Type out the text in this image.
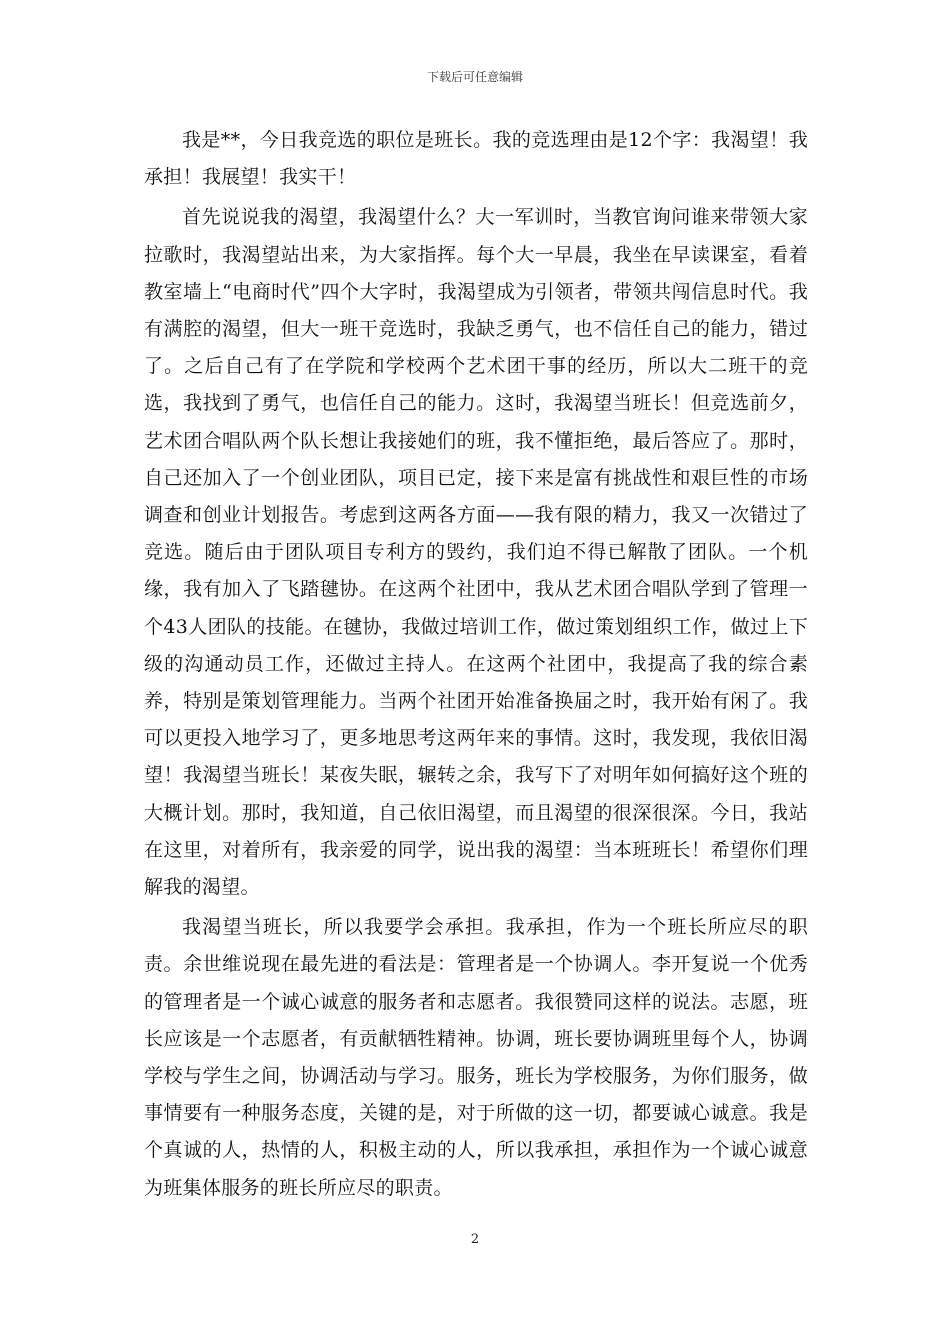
下载后可任意编辑

我是**，今日我竞选的职位是班长。我的竞选理由是12个字：我渴望！我承担！我展望！我实干！

首先说说我的渴望，我渴望什么？大一军训时，当教官询问谁来带领大家拉歌时，我渴望站出来，为大家指挥。每个大一早晨，我坐在早读课室，看着教室墙上“电商时代”四个大字时，我渴望成为引领者，带领共闯信息时代。我有满腔的渴望，但大一班干竞选时，我缺乏勇气，也不信任自己的能力，错过了。之后自己有了在学院和学校两个艺术团干事的经历，所以大二班干的竞选，我找到了勇气，也信任自己的能力。这时，我渴望当班长！但竞选前夕，艺术团合唱队两个队长想让我接她们的班，我不懂拒绝，最后答应了。那时，自己还加入了一个创业团队，项目已定，接下来是富有挑战性和艰巨性的市场调查和创业计划报告。考虑到这两各方面——我有限的精力，我又一次错过了竞选。随后由于团队项目专利方的毁约，我们迫不得已解散了团队。一个机缘，我有加入了飞踏毽协。在这两个社团中，我从艺术团合唱队学到了管理一个43人团队的技能。在毽协，我做过培训工作，做过策划组织工作，做过上下级的沟通动员工作，还做过主持人。在这两个社团中，我提高了我的综合素养，特别是策划管理能力。当两个社团开始准备换届之时，我开始有闲了。我可以更投入地学习了，更多地思考这两年来的事情。这时，我发现，我依旧渴望！我渴望当班长！某夜失眠，辗转之余，我写下了对明年如何搞好这个班的大概计划。那时，我知道，自己依旧渴望，而且渴望的很深很深。今日，我站在这里，对着所有，我亲爱的同学，说出我的渴望：当本班班长！希望你们理解我的渴望。

我渴望当班长，所以我要学会承担。我承担，作为一个班长所应尽的职责。余世维说现在最先进的看法是：管理者是一个协调人。李开复说一个优秀的管理者是一个诚心诚意的服务者和志愿者。我很赞同这样的说法。志愿，班长应该是一个志愿者，有贡献牺牲精神。协调，班长要协调班里每个人，协调学校与学生之间，协调活动与学习。服务，班长为学校服务，为你们服务，做事情要有一种服务态度，关键的是，对于所做的这一切，都要诚心诚意。我是个真诚的人，热情的人，积极主动的人，所以我承担，承担作为一个诚心诚意为班集体服务的班长所应尽的职责。

2
